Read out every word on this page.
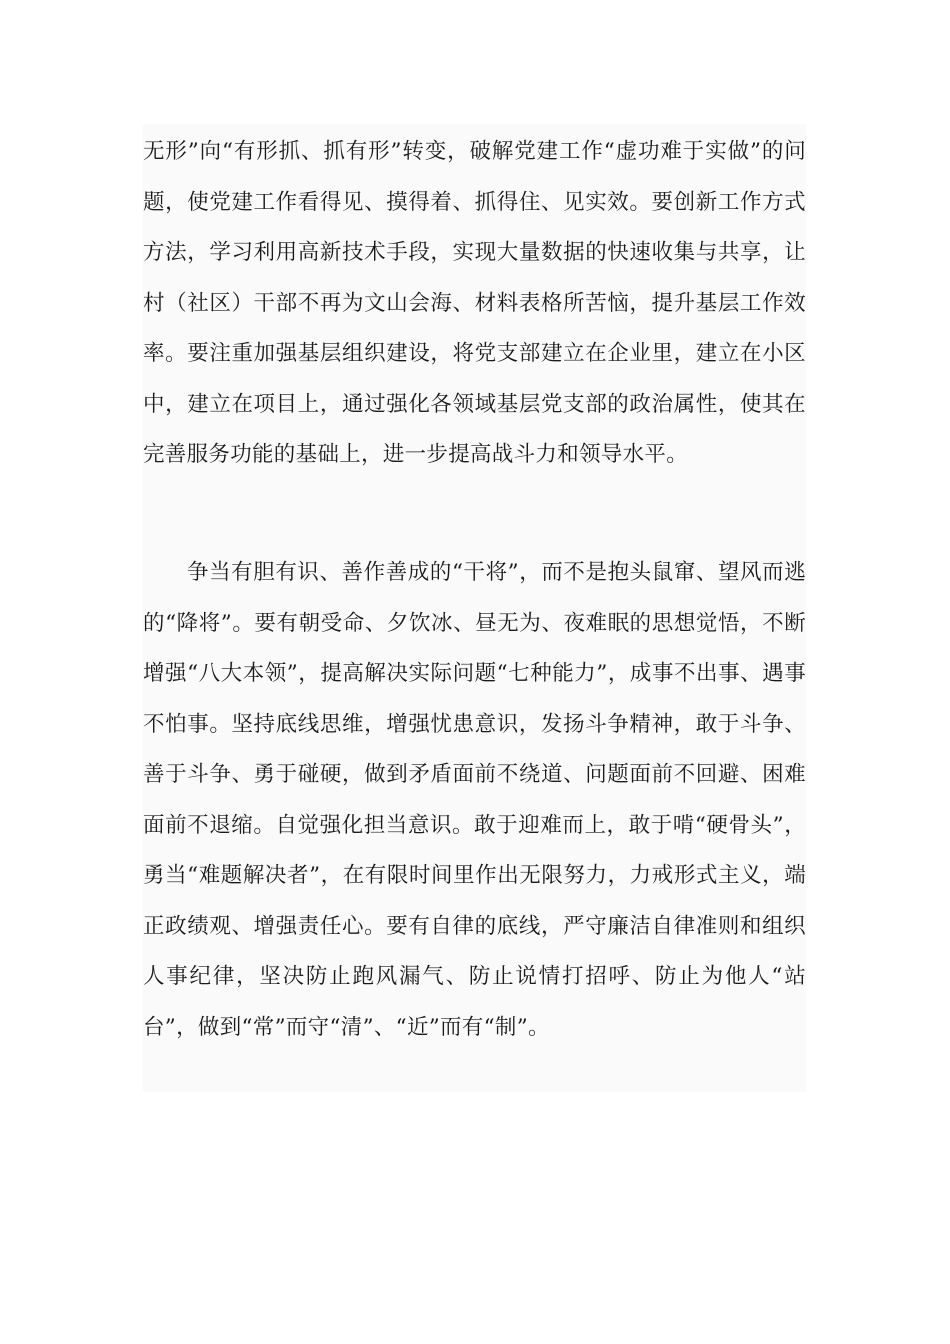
无形”向“有形抓、抓有形”转变，破解党建工作“虚功难于实做”的问题，使党建工作看得见、摸得着、抓得住、见实效。要创新工作方式方法，学习利用高新技术手段，实现大量数据的快速收集与共享，让村（社区）干部不再为文山会海、材料表格所苦恼，提升基层工作效率。要注重加强基层组织建设，将党支部建立在企业里，建立在小区中，建立在项目上，通过强化各领域基层党支部的政治属性，使其在完善服务功能的基础上，进一步提高战斗力和领导水平。

争当有胆有识、善作善成的“干将”，而不是抱头鼠窜、望风而逃的“降将”。要有朝受命、夕饮冰、昼无为、夜难眠的思想觉悟，不断增强“八大本领”，提高解决实际问题“七种能力”，成事不出事、遇事不怕事。坚持底线思维，增强忧患意识，发扬斗争精神，敢于斗争、善于斗争、勇于碰硬，做到矛盾面前不绕道、问题面前不回避、困难面前不退缩。自觉强化担当意识。敢于迎难而上，敢于啃“硬骨头”，勇当“难题解决者”，在有限时间里作出无限努力，力戒形式主义，端正政绩观、增强责任心。要有自律的底线，严守廉洁自律准则和组织人事纪律，坚决防止跑风漏气、防止说情打招呼、防止为他人“站台”，做到“常”而守“清”、“近”而有“制”。
